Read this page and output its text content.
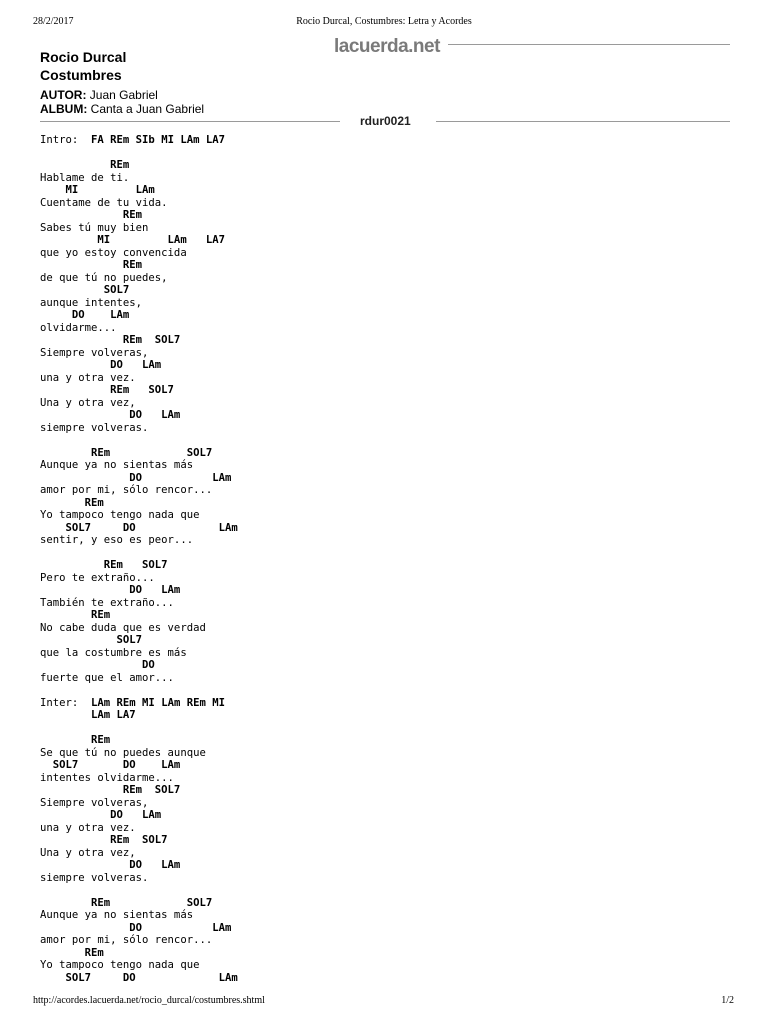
28/2/2017	Rocio Durcal, Costumbres: Letra y Acordes
lacuerda.net
Rocio Durcal
Costumbres
AUTOR: Juan Gabriel
ALBUM: Canta a Juan Gabriel
rdur0021
Intro:  FA REm SIb MI LAm LA7

REm
Hablame de ti.
MI         LAm
Cuentame de tu vida.
REm
Sabes tú muy bien
MI         LAm   LA7
que yo estoy convencida
REm
de que tú no puedes,
SOL7
aunque intentes,
DO    LAm
olvidarme...
REm  SOL7
Siempre volveras,
DO   LAm
una y otra vez.
REm   SOL7
Una y otra vez,
DO   LAm
siempre volveras.

REm            SOL7
Aunque ya no sientas más
DO           LAm
amor por mi, sólo rencor...
REm
Yo tampoco tengo nada que
SOL7     DO             LAm
sentir, y eso es peor...

REm   SOL7
Pero te extraño...
DO   LAm
También te extraño...
REm
No cabe duda que es verdad
SOL7
que la costumbre es más
DO
fuerte que el amor...

Inter:  LAm REm MI LAm REm MI
LAm LA7

REm
Se que tú no puedes aunque
SOL7       DO    LAm
intentes olvidarme...
REm  SOL7
Siempre volveras,
DO   LAm
una y otra vez.
REm  SOL7
Una y otra vez,
DO   LAm
siempre volveras.

REm            SOL7
Aunque ya no sientas más
DO           LAm
amor por mi, sólo rencor...
REm
Yo tampoco tengo nada que
SOL7     DO             LAm
http://acordes.lacuerda.net/rocio_durcal/costumbres.shtml	1/2
